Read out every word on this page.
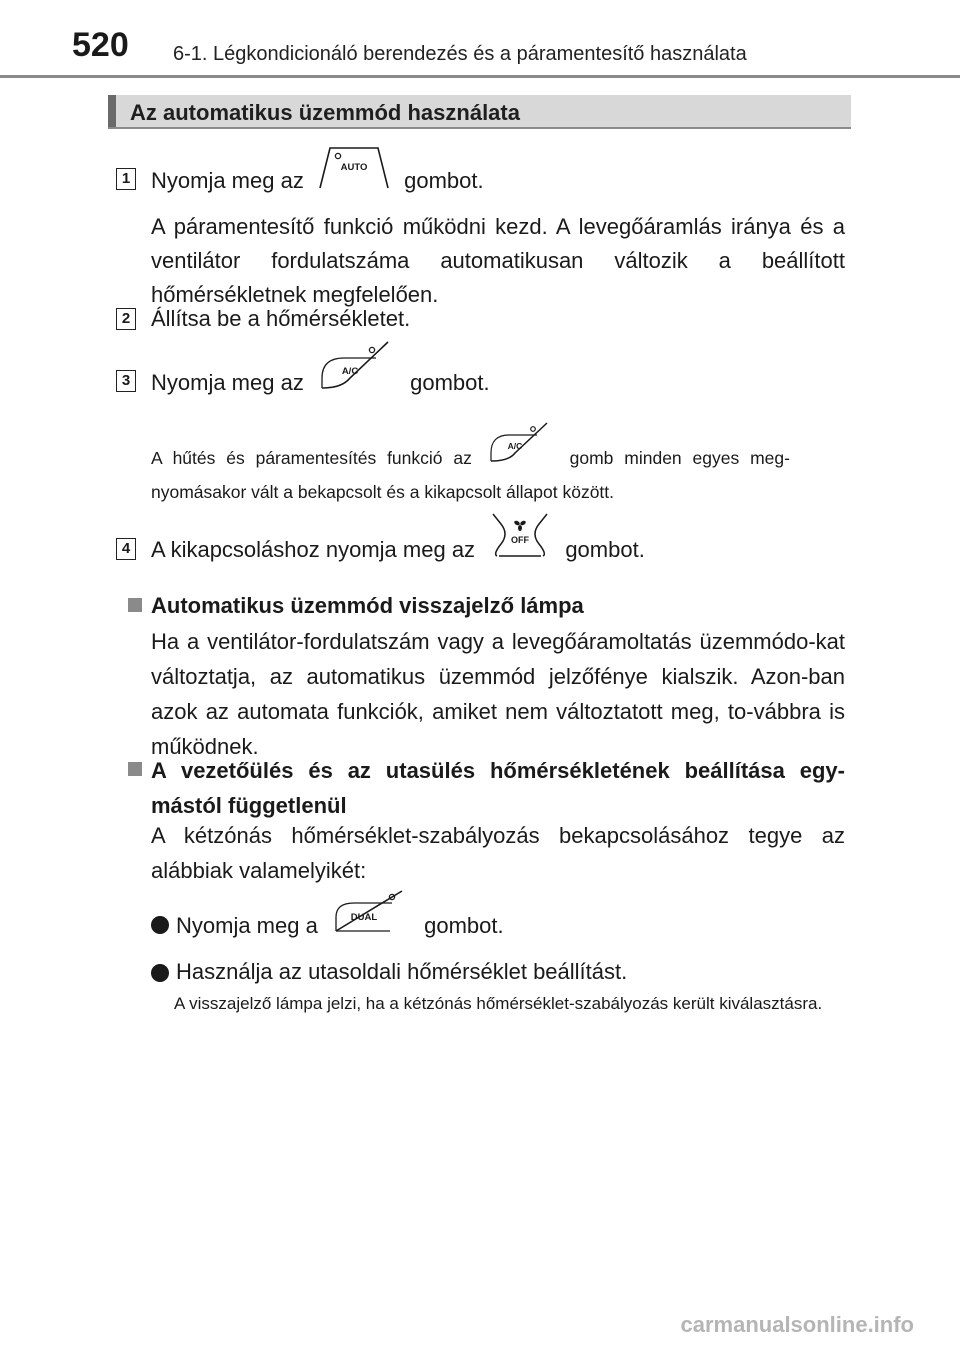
520 6-1. Légkondicionáló berendezés és a páramentesítő használata
Az automatikus üzemmód használata
1 Nyomja meg az
AUTO
gombot.
A páramentesítő funkció működni kezd. A levegőáramlás iránya és a ventilátor fordulatszáma automatikusan változik a beállított hőmérsékletnek megfelelően.
2 Állítsa be a hőmérsékletet.
3 Nyomja meg az	A/C gombot.
A hűtés és páramentesítés funkció az
A/C
gomb minden egyes meg-
nyomásakor vált a bekapcsolt és a kikapcsolt állapot között.
4 A kikapcsoláshoz nyomja meg az	OFF gombot.
Automatikus üzemmód visszajelző lámpa
Ha a ventilátor-fordulatszám vagy a levegőáramoltatás üzemmódo-kat változtatja, az automatikus üzemmód jelzőfénye kialszik. Azon-ban azok az automata funkciók, amiket nem változtatott meg, to-vábbra is működnek.
A vezetőülés és az utasülés hőmérsékletének beállítása egy-mástól függetlenül
A kétzónás hőmérséklet-szabályozás bekapcsolásához tegye az alábbiak valamelyikét:
Nyomja meg a	DUAL gombot.
Használja az utasoldali hőmérséklet beállítást.
A visszajelző lámpa jelzi, ha a kétzónás hőmérséklet-szabályozás került kiválasztásra.
carmanualsonline.info
